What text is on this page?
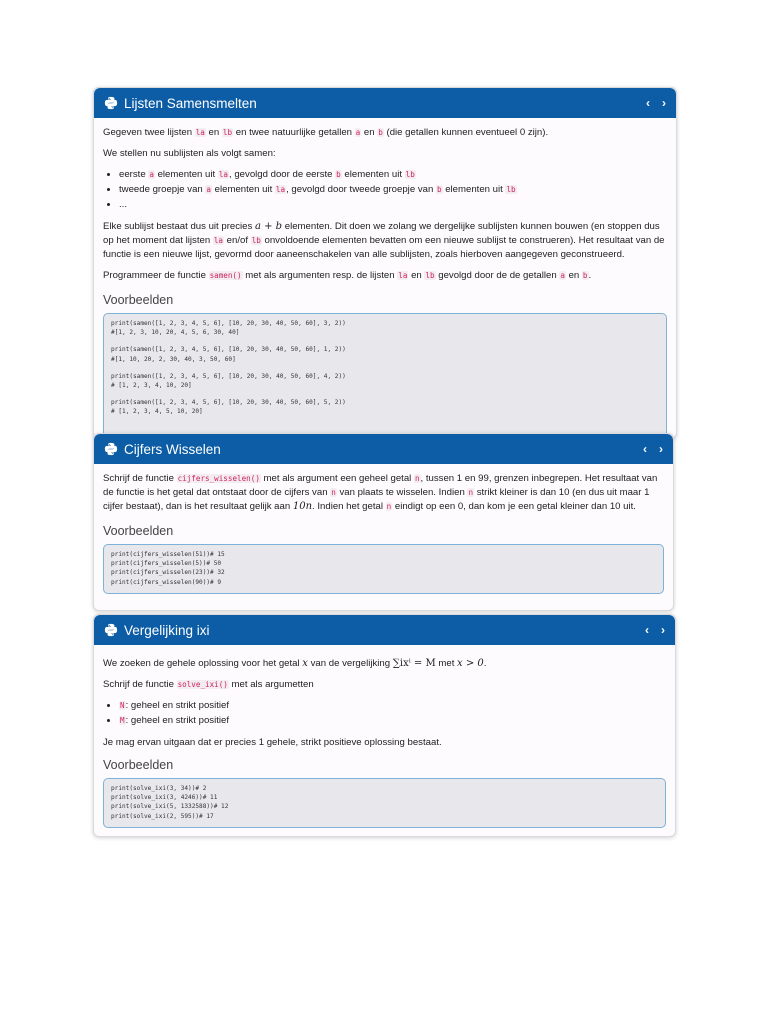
Lijsten Samensmelten	‹ ›

Gegeven twee lijsten la en lb en twee natuurlijke getallen a en b (die getallen kunnen eventueel 0 zijn).

We stellen nu sublijsten als volgt samen:

• eerste a elementen uit la, gevolgd door de eerste b elementen uit lb
• tweede groepje van a elementen uit la, gevolgd door tweede groepje van b elementen uit lb
• ...

Elke sublijst bestaat dus uit precies a + b elementen. Dit doen we zolang we dergelijke sublijsten kunnen bouwen (en stoppen dus op het moment dat lijsten la en/of lb onvoldoende elementen bevatten om een nieuwe sublijst te construeren). Het resultaat van de functie is een nieuwe lijst, gevormd door aaneenschakelen van alle sublijsten, zoals hierboven aangegeven geconstrueerd.

Programmeer de functie samen() met als argumenten resp. de lijsten la en lb gevolgd door de de getallen a en b.

Voorbeelden
print(samen([1, 2, 3, 4, 5, 6], [10, 20, 30, 40, 50, 60], 3, 2))
#[1, 2, 3, 10, 20, 4, 5, 6, 30, 40]
print(samen([1, 2, 3, 4, 5, 6], [10, 20, 30, 40, 50, 60], 1, 2))
#[1, 10, 20, 2, 30, 40, 3, 50, 60]
print(samen([1, 2, 3, 4, 5, 6], [10, 20, 30, 40, 50, 60], 4, 2))
# [1, 2, 3, 4, 10, 20]
print(samen([1, 2, 3, 4, 5, 6], [10, 20, 30, 40, 50, 60], 5, 2))
# [1, 2, 3, 4, 5, 10, 20]
Cijfers Wisselen	‹ ›

Schrijf de functie cijfers_wisselen() met als argument een geheel getal n, tussen 1 en 99, grenzen inbegrepen. Het resultaat van de functie is het getal dat ontstaat door de cijfers van n van plaats te wisselen. Indien n strikt kleiner is dan 10 (en dus uit maar 1 cijfer bestaat), dan is het resultaat gelijk aan 10n. Indien het getal n eindigt op een 0, dan kom je een getal kleiner dan 10 uit.

Voorbeelden
print(cijfers_wisselen(51))# 15
print(cijfers_wisselen(5))# 50
print(cijfers_wisselen(23))# 32
print(cijfers_wisselen(90))# 9
Vergelijking ixi	‹ ›

We zoeken de gehele oplossing voor het getal x van de vergelijking ∑ixⁱ = M met x > 0.

Schrijf de functie solve_ixi() met als argumetten

• N: geheel en strikt positief
• M: geheel en strikt positief

Je mag ervan uitgaan dat er precies 1 gehele, strikt positieve oplossing bestaat.

Voorbeelden
print(solve_ixi(3, 34))# 2
print(solve_ixi(3, 4246))# 11
print(solve_ixi(5, 1332588))# 12
print(solve_ixi(2, 595))# 17
